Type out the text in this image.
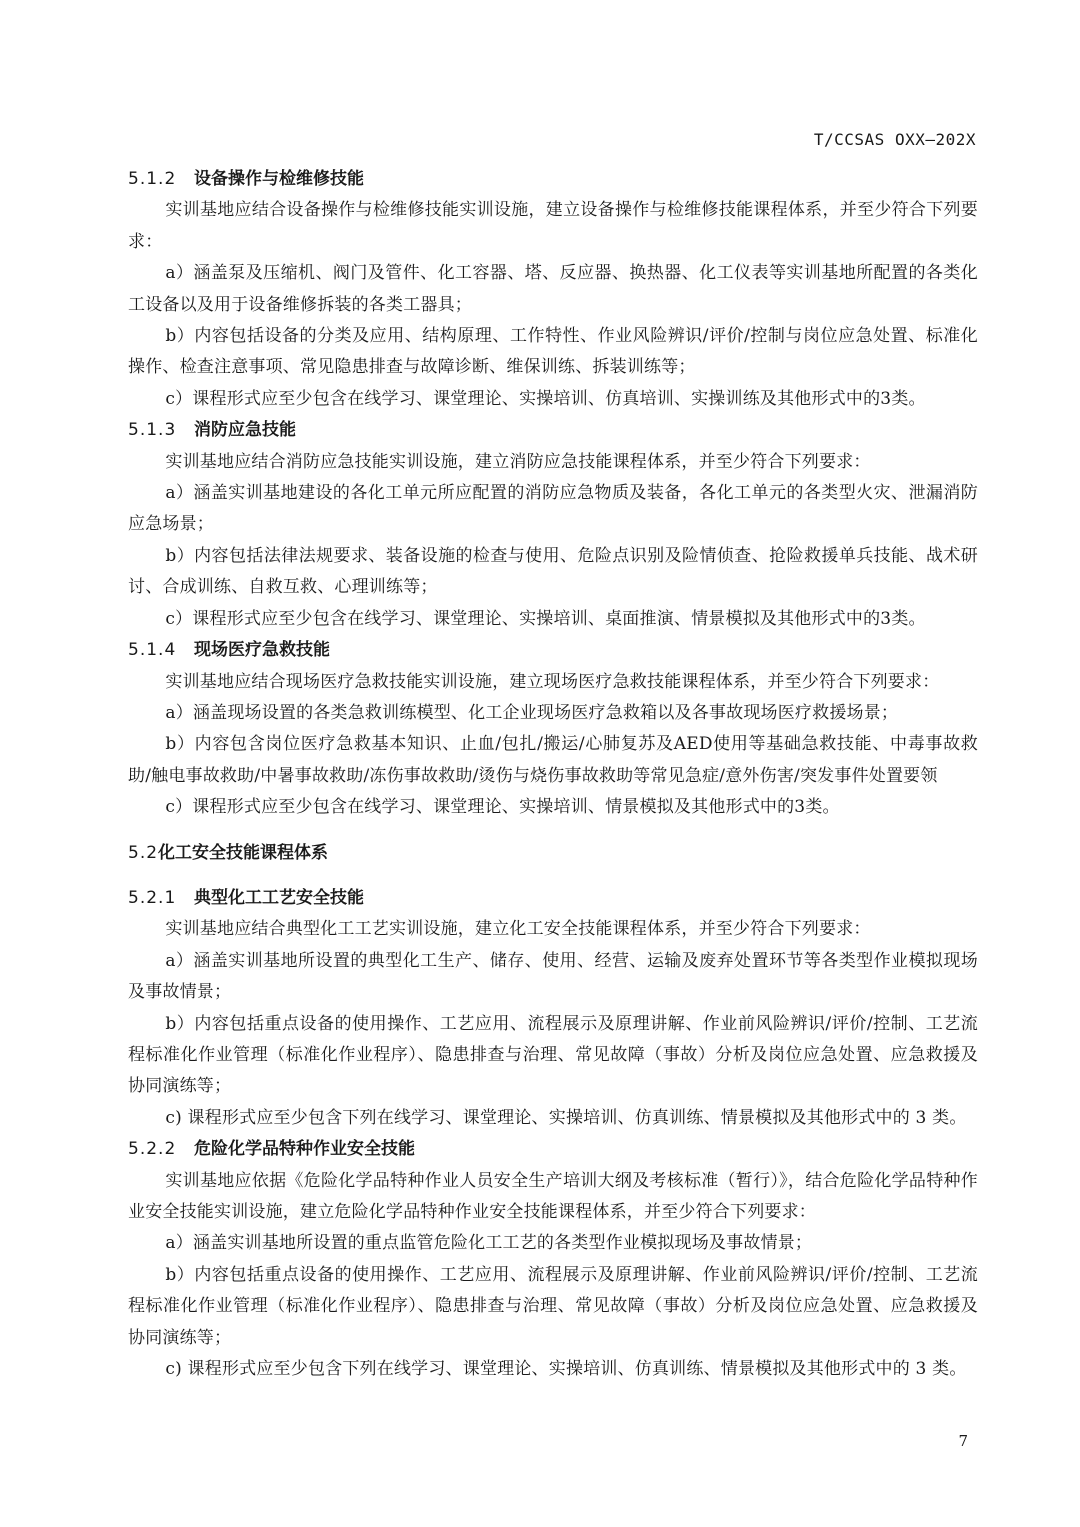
T/CCSAS OXX—202X

5.1.2 设备操作与检维修技能

实训基地应结合设备操作与检维修技能实训设施，建立设备操作与检维修技能课程体系，并至少符合下列要求：

a）涵盖泵及压缩机、阀门及管件、化工容器、塔、反应器、换热器、化工仪表等实训基地所配置的各类化工设备以及用于设备维修拆装的各类工器具；

b）内容包括设备的分类及应用、结构原理、工作特性、作业风险辨识/评价/控制与岗位应急处置、标准化操作、检查注意事项、常见隐患排查与故障诊断、维保训练、拆装训练等；

c）课程形式应至少包含在线学习、课堂理论、实操培训、仿真培训、实操训练及其他形式中的3类。

5.1.3 消防应急技能

实训基地应结合消防应急技能实训设施，建立消防应急技能课程体系，并至少符合下列要求：

a）涵盖实训基地建设的各化工单元所应配置的消防应急物质及装备，各化工单元的各类型火灾、泄漏消防应急场景；

b）内容包括法律法规要求、装备设施的检查与使用、危险点识别及险情侦查、抢险救援单兵技能、战术研讨、合成训练、自救互救、心理训练等；

c）课程形式应至少包含在线学习、课堂理论、实操培训、桌面推演、情景模拟及其他形式中的3类。

5.1.4 现场医疗急救技能

实训基地应结合现场医疗急救技能实训设施，建立现场医疗急救技能课程体系，并至少符合下列要求：

a）涵盖现场设置的各类急救训练模型、化工企业现场医疗急救箱以及各事故现场医疗救援场景；

b）内容包含岗位医疗急救基本知识、止血/包扎/搬运/心肺复苏及AED使用等基础急救技能、中毒事故救助/触电事故救助/中暑事故救助/冻伤事故救助/烫伤与烧伤事故救助等常见急症/意外伤害/突发事件处置要领

c）课程形式应至少包含在线学习、课堂理论、实操培训、情景模拟及其他形式中的3类。

5.2化工安全技能课程体系

5.2.1 典型化工工艺安全技能

实训基地应结合典型化工工艺实训设施，建立化工安全技能课程体系，并至少符合下列要求：

a）涵盖实训基地所设置的典型化工生产、储存、使用、经营、运输及废弃处置环节等各类型作业模拟现场及事故情景；

b）内容包括重点设备的使用操作、工艺应用、流程展示及原理讲解、作业前风险辨识/评价/控制、工艺流程标准化作业管理（标准化作业程序）、隐患排查与治理、常见故障（事故）分析及岗位应急处置、应急救援及协同演练等；

c) 课程形式应至少包含下列在线学习、课堂理论、实操培训、仿真训练、情景模拟及其他形式中的 3 类。

5.2.2 危险化学品特种作业安全技能

实训基地应依据《危险化学品特种作业人员安全生产培训大纲及考核标准（暂行）》，结合危险化学品特种作业安全技能实训设施，建立危险化学品特种作业安全技能课程体系，并至少符合下列要求：

a）涵盖实训基地所设置的重点监管危险化工工艺的各类型作业模拟现场及事故情景；

b）内容包括重点设备的使用操作、工艺应用、流程展示及原理讲解、作业前风险辨识/评价/控制、工艺流程标准化作业管理（标准化作业程序）、隐患排查与治理、常见故障（事故）分析及岗位应急处置、应急救援及协同演练等；

c) 课程形式应至少包含下列在线学习、课堂理论、实操培训、仿真训练、情景模拟及其他形式中的 3 类。

7
